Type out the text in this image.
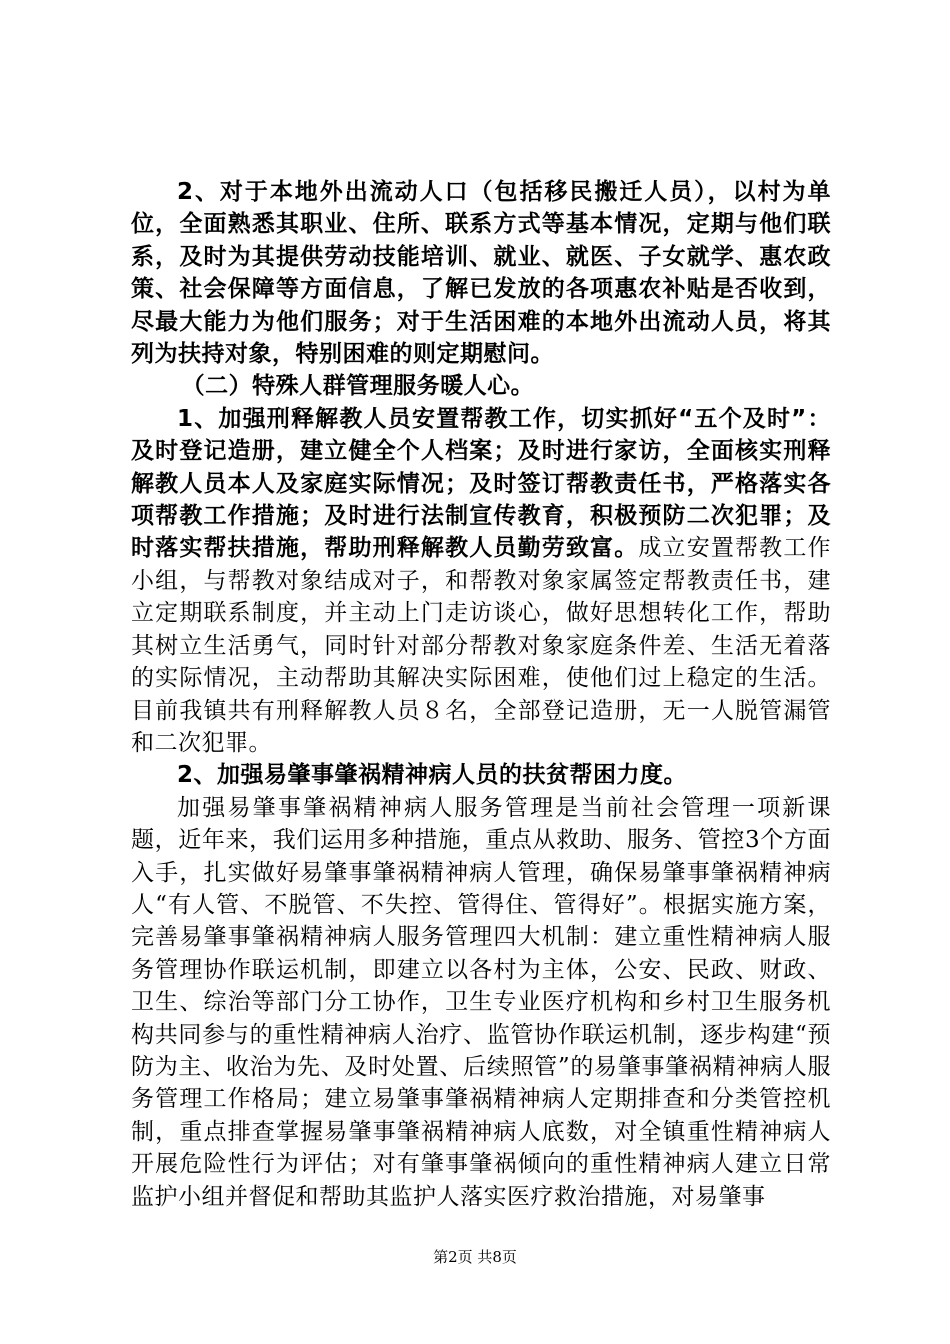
2、对于本地外出流动人口（包括移民搬迁人员），以村为单位，全面熟悉其职业、住所、联系方式等基本情况，定期与他们联系，及时为其提供劳动技能培训、就业、就医、子女就学、惠农政策、社会保障等方面信息，了解已发放的各项惠农补贴是否收到，尽最大能力为他们服务；对于生活困难的本地外出流动人员，将其列为扶持对象，特别困难的则定期慰问。

（二）特殊人群管理服务暖人心。

1、加强刑释解教人员安置帮教工作，切实抓好“五个及时”：及时登记造册，建立健全个人档案；及时进行家访，全面核实刑释解教人员本人及家庭实际情况；及时签订帮教责任书，严格落实各项帮教工作措施；及时进行法制宣传教育，积极预防二次犯罪；及时落实帮扶措施，帮助刑释解教人员勤劳致富。成立安置帮教工作小组，与帮教对象结成对子，和帮教对象家属签定帮教责任书，建立定期联系制度，并主动上门走访谈心，做好思想转化工作，帮助其树立生活勇气，同时针对部分帮教对象家庭条件差、生活无着落的实际情况，主动帮助其解决实际困难，使他们过上稳定的生活。目前我镇共有刑释解教人员８名，全部登记造册，无一人脱管漏管和二次犯罪。

2、加强易肇事肇祸精神病人员的扶贫帮困力度。

加强易肇事肇祸精神病人服务管理是当前社会管理一项新课题，近年来，我们运用多种措施，重点从救助、服务、管控3个方面入手，扎实做好易肇事肇祸精神病人管理，确保易肇事肇祸精神病人“有人管、不脱管、不失控、管得住、管得好”。根据实施方案，完善易肇事肇祸精神病人服务管理四大机制：建立重性精神病人服务管理协作联运机制，即建立以各村为主体，公安、民政、财政、卫生、综治等部门分工协作，卫生专业医疗机构和乡村卫生服务机构共同参与的重性精神病人治疗、监管协作联运机制，逐步构建“预防为主、收治为先、及时处置、后续照管”的易肇事肇祸精神病人服务管理工作格局；建立易肇事肇祸精神病人定期排查和分类管控机制，重点排查掌握易肇事肇祸精神病人底数，对全镇重性精神病人开展危险性行为评估；对有肇事肇祸倾向的重性精神病人建立日常监护小组并督促和帮助其监护人落实医疗救治措施，对易肇事

第2页 共8页
